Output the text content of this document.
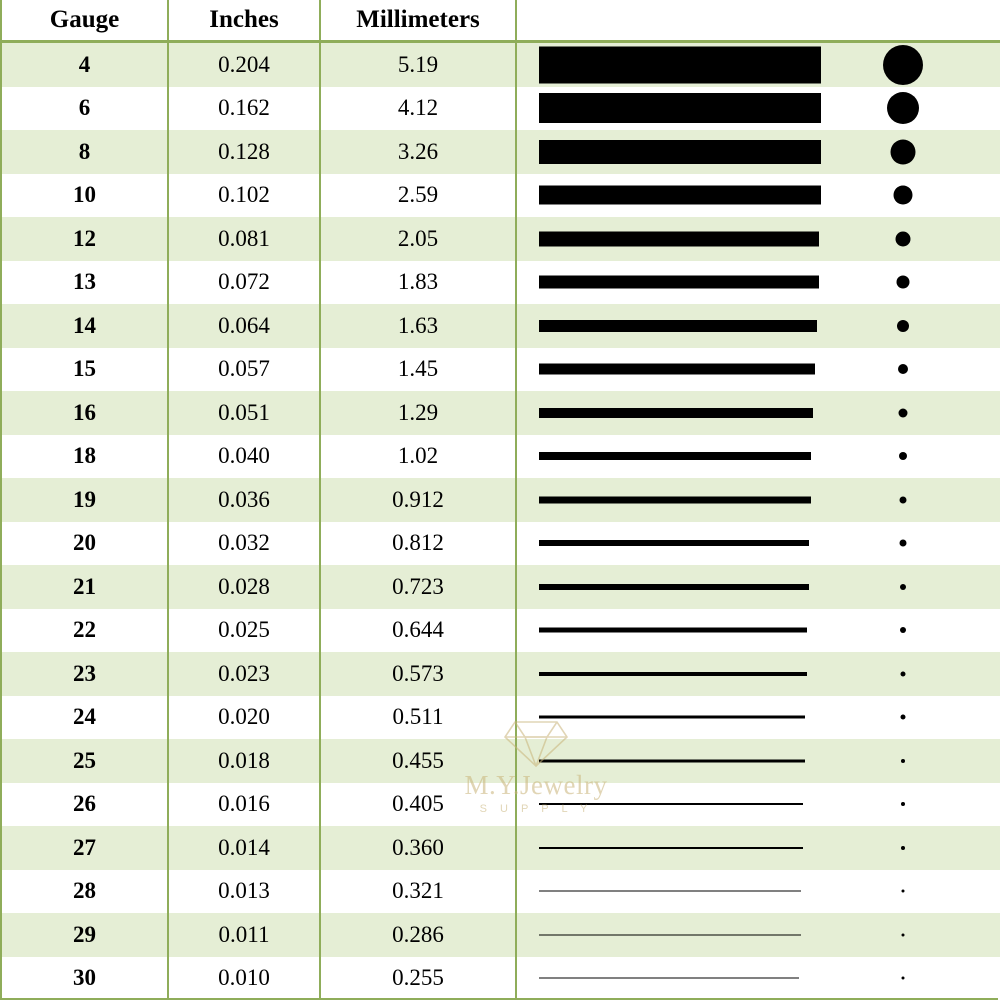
Gauge	Inches	Millimeters	
4	0.204	5.19	

6	0.162	4.12	

8	0.128	3.26	

10	0.102	2.59	

12	0.081	2.05	

13	0.072	1.83	

14	0.064	1.63	

15	0.057	1.45	

16	0.051	1.29	

18	0.040	1.02	

19	0.036	0.912	

20	0.032	0.812	

21	0.028	0.723	

22	0.025	0.644	

23	0.023	0.573	

24	0.020	0.511	

25	0.018	0.455	

26	0.016	0.405	

27	0.014	0.360	

28	0.013	0.321	

29	0.011	0.286	

30	0.010	0.255	
M.Y.Jewelry
S U P P L Y
